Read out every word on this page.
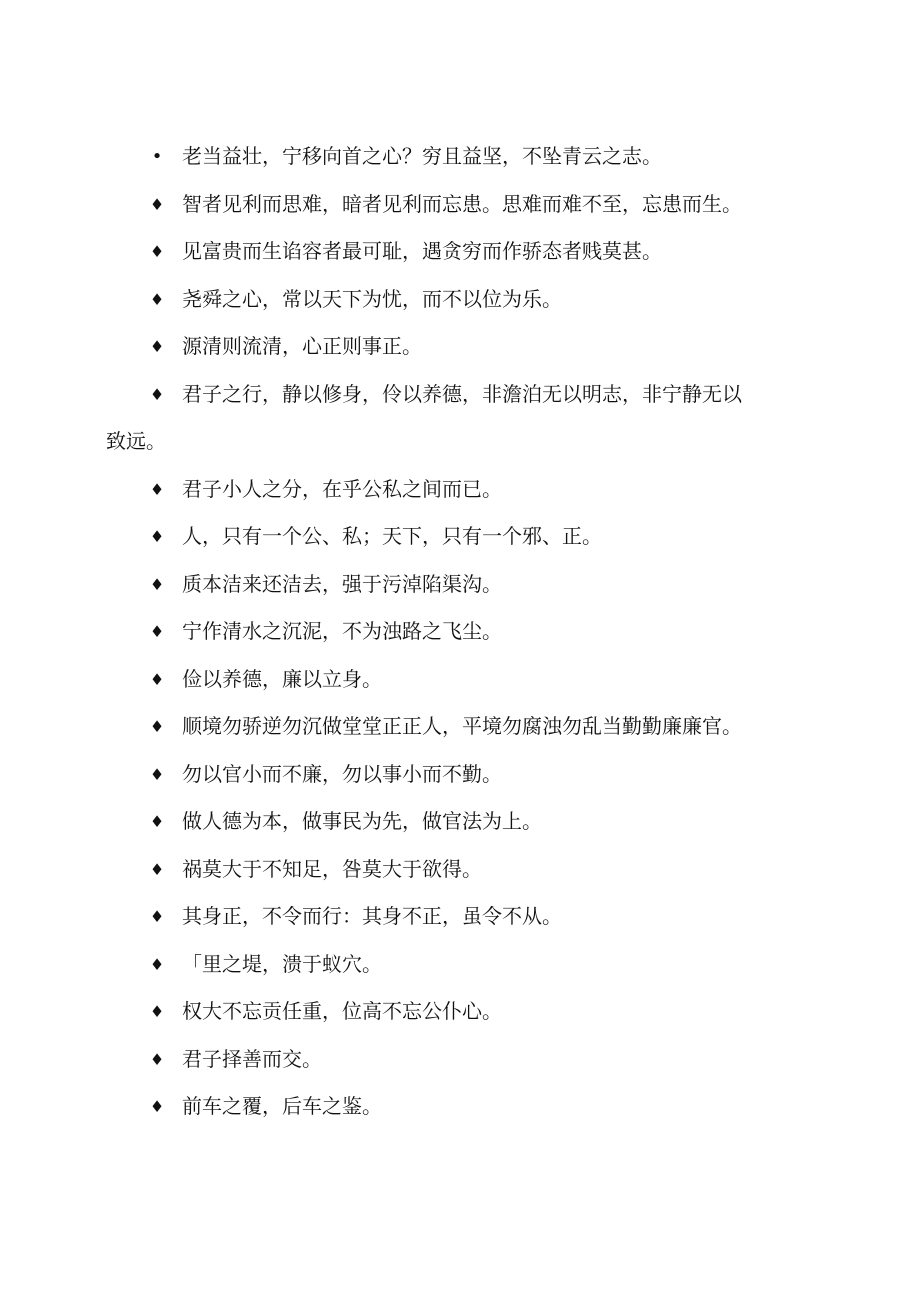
• 老当益壮，宁移向首之心？穷且益坚，不坠青云之志。
♦ 智者见利而思难，暗者见利而忘患。思难而难不至，忘患而生。
♦ 见富贵而生谄容者最可耻，遇贪穷而作骄态者贱莫甚。
♦ 尧舜之心，常以天下为忧，而不以位为乐。
♦ 源清则流清，心正则事正。
♦ 君子之行，静以修身，伶以养德，非澹泊无以明志，非宁静无以
致远。
♦ 君子小人之分，在乎公私之间而已。
♦ 人，只有一个公、私；天下，只有一个邪、正。
♦ 质本洁来还洁去，强于污淖陷渠沟。
♦ 宁作清水之沉泥，不为浊路之飞尘。
♦ 俭以养德，廉以立身。
♦ 顺境勿骄逆勿沉做堂堂正正人，平境勿腐浊勿乱当勤勤廉廉官。
♦ 勿以官小而不廉，勿以事小而不勤。
♦ 做人德为本，做事民为先，做官法为上。
♦ 祸莫大于不知足，咎莫大于欲得。
♦ 其身正，不令而行：其身不正，虽令不从。
♦ 「里之堤，溃于蚁穴。
♦ 权大不忘贡任重，位高不忘公仆心。
♦ 君子择善而交。
♦ 前车之覆，后车之鉴。
